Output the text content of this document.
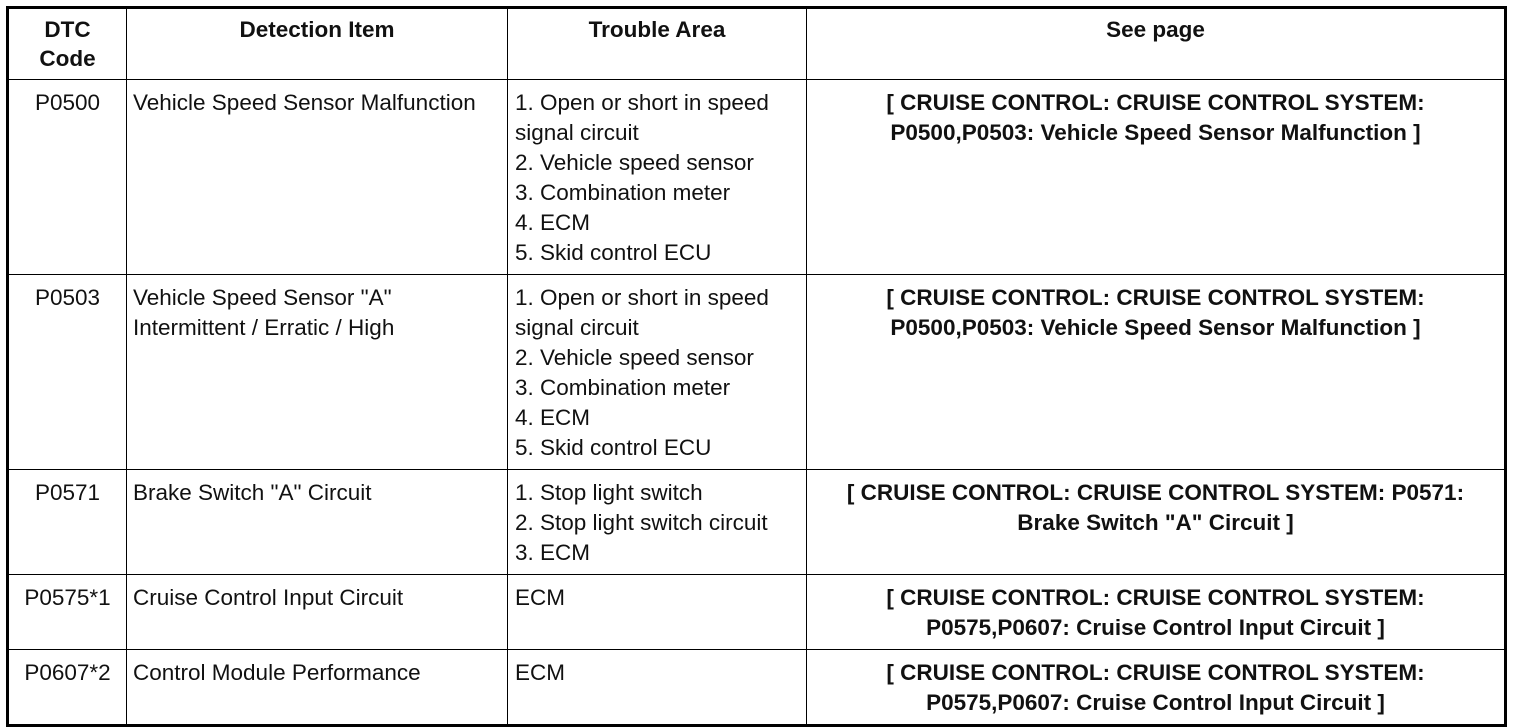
DTC
Code	Detection Item	Trouble Area	See page
P0500	Vehicle Speed Sensor Malfunction	1. Open or short in speed signal circuit
2. Vehicle speed sensor
3. Combination meter
4. ECM
5. Skid control ECU	[ CRUISE CONTROL: CRUISE CONTROL SYSTEM: P0500,P0503: Vehicle Speed Sensor Malfunction ]
P0503	Vehicle Speed Sensor "A" Intermittent / Erratic / High	1. Open or short in speed signal circuit
2. Vehicle speed sensor
3. Combination meter
4. ECM
5. Skid control ECU	[ CRUISE CONTROL: CRUISE CONTROL SYSTEM: P0500,P0503: Vehicle Speed Sensor Malfunction ]
P0571	Brake Switch "A" Circuit	1. Stop light switch
2. Stop light switch circuit
3. ECM	[ CRUISE CONTROL: CRUISE CONTROL SYSTEM: P0571: Brake Switch "A" Circuit ]
P0575*1	Cruise Control Input Circuit	ECM	[ CRUISE CONTROL: CRUISE CONTROL SYSTEM: P0575,P0607: Cruise Control Input Circuit ]
P0607*2	Control Module Performance	ECM	[ CRUISE CONTROL: CRUISE CONTROL SYSTEM: P0575,P0607: Cruise Control Input Circuit ]
